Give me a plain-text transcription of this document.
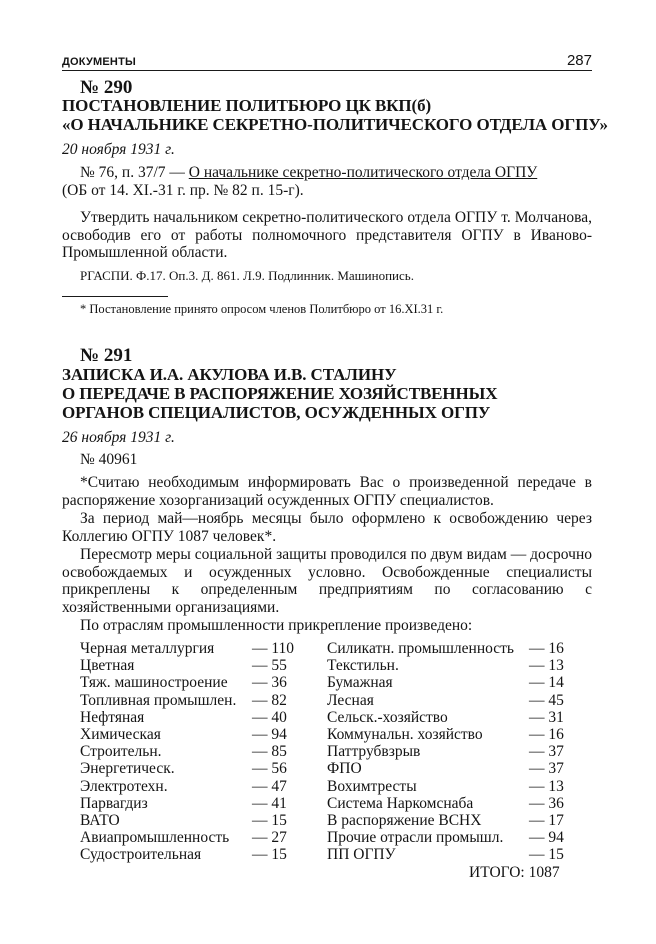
ДОКУМЕНТЫ	287
№ 290
ПОСТАНОВЛЕНИЕ ПОЛИТБЮРО ЦК ВКП(б)
«О НАЧАЛЬНИКЕ СЕКРЕТНО-ПОЛИТИЧЕСКОГО ОТДЕЛА ОГПУ»
20 ноября 1931 г.
№ 76, п. 37/7 — О начальнике секретно-политического отдела ОГПУ
(ОБ от 14. XI.-31 г. пр. № 82 п. 15-г).
Утвердить начальником секретно-политического отдела ОГПУ т. Молчанова, освободив его от работы полномочного представителя ОГПУ в Иваново-Промышленной области.
РГАСПИ. Ф.17. Оп.3. Д. 861. Л.9. Подлинник. Машинопись.
* Постановление принято опросом членов Политбюро от 16.XI.31 г.
№ 291
ЗАПИСКА И.А. АКУЛОВА И.В. СТАЛИНУ
О ПЕРЕДАЧЕ В РАСПОРЯЖЕНИЕ ХОЗЯЙСТВЕННЫХ
ОРГАНОВ СПЕЦИАЛИСТОВ, ОСУЖДЕННЫХ ОГПУ
26 ноября 1931 г.
№ 40961
*Считаю необходимым информировать Вас о произведенной передаче в распоряжение хозорганизаций осужденных ОГПУ специалистов.
За период май—ноябрь месяцы было оформлено к освобождению через Коллегию ОГПУ 1087 человек*.
Пересмотр меры социальной защиты проводился по двум видам — досрочно освобождаемых и осужденных условно. Освобожденные специалисты прикреплены к определенным предприятиям по согласованию с хозяйственными организациями.
По отраслям промышленности прикрепление произведено:
Черная металлургия — 110
Цветная	— 55
Тяж. машиностроение — 36
Топливная промышлен. — 82
Нефтяная	— 40
Химическая	— 94
Строительн.	— 85
Энергетическ.	— 56
Электротехн.	— 47
Парвагдиз	— 41
ВАТО	— 15
Авиапромышленность — 27
Судостроительная	— 15
Силикатн. промышленность — 16
Текстильн.	— 13
Бумажная	— 14
Лесная	— 45
Сельск.-хозяйство	— 31
Коммунальн. хозяйство	— 16
Паттрубвзрыв	— 37
ФПО	— 37
Вохимтресты	— 13
Система Наркомснаба	— 36
В распоряжение ВСНХ	— 17
Прочие отрасли промышл. — 94
ПП ОГПУ	— 15
ИТОГО: 1087
